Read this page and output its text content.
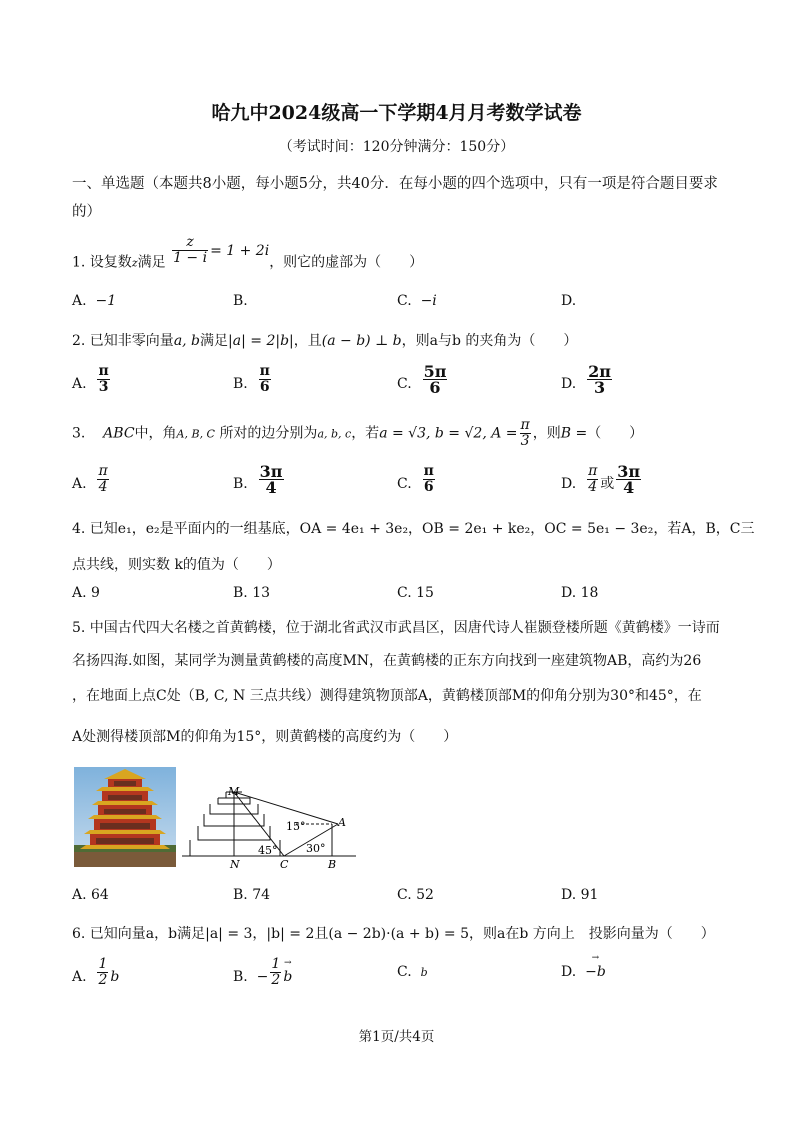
哈九中2024级高一下学期4月月考数学试卷
（考试时间：120分钟满分：150分）
一、单选题（本题共8小题，每小题5分，共40分．在每小题的四个选项中，只有一项是符合题目要求的）
1. 设复数z满足 $\frac{z}{1 - i} = 1 + 2i$，则它的虚部为（　　）
A. −1	B.	C. −i	D.
2. 已知非零向量a, b满足|a| = 2|b|，且(a − b) ⊥ b，则a与b 的夹角为（　　）
A. $\frac{\pi}{3}$	B. $\frac{\pi}{6}$	C. $\frac{5\pi}{6}$	D. $\frac{2\pi}{3}$
3. ABC中，角A, B, C 所对的边分别为a, b, c，若a = √3, b = √2, $A = \frac{\pi}{3}$ ，则B =（　　）
A. $\frac{\pi}{4}$	B. $\frac{3\pi}{4}$	C. $\frac{\pi}{6}$	D. $\frac{\pi}{4}$ 或 $\frac{3\pi}{4}$
4. 已知e₁，e₂是平面内的一组基底，OA = 4e₁ + 3e₂，OB = 2e₁ + ke₂，OC = 5e₁ − 3e₂，若A，B，C三
点共线，则实数 k的值为（　　）
A. 9	B. 13	C. 15	D. 18
5. 中国古代四大名楼之首黄鹤楼，位于湖北省武汉市武昌区，因唐代诗人崔颢登楼所题《黄鹤楼》一诗而
名扬四海.如图，某同学为测量黄鹤楼的高度MN，在黄鹤楼的正东方向找到一座建筑物AB，高约为26
，在地面上点C处（B, C, N 三点共线）测得建筑物顶部A，黄鹤楼顶部M的仰角分别为30°和45°，在
A处测得楼顶部M的仰角为15°，则黄鹤楼的高度约为（　　）
M
A
N	C	B
45°	30°
15°
A. 64	B. 74	C. 52	D. 91
6. 已知向量a，b满足|a| = 3，|b| = 2且(a − 2b)·(a + b) = 5，则a在b 方向上　投影向量为（　　）
A. $\frac{1}{2}$ b	B. − $\frac{1}{2}$
→ b	C. b	D.  → −b
第1页/共4页
